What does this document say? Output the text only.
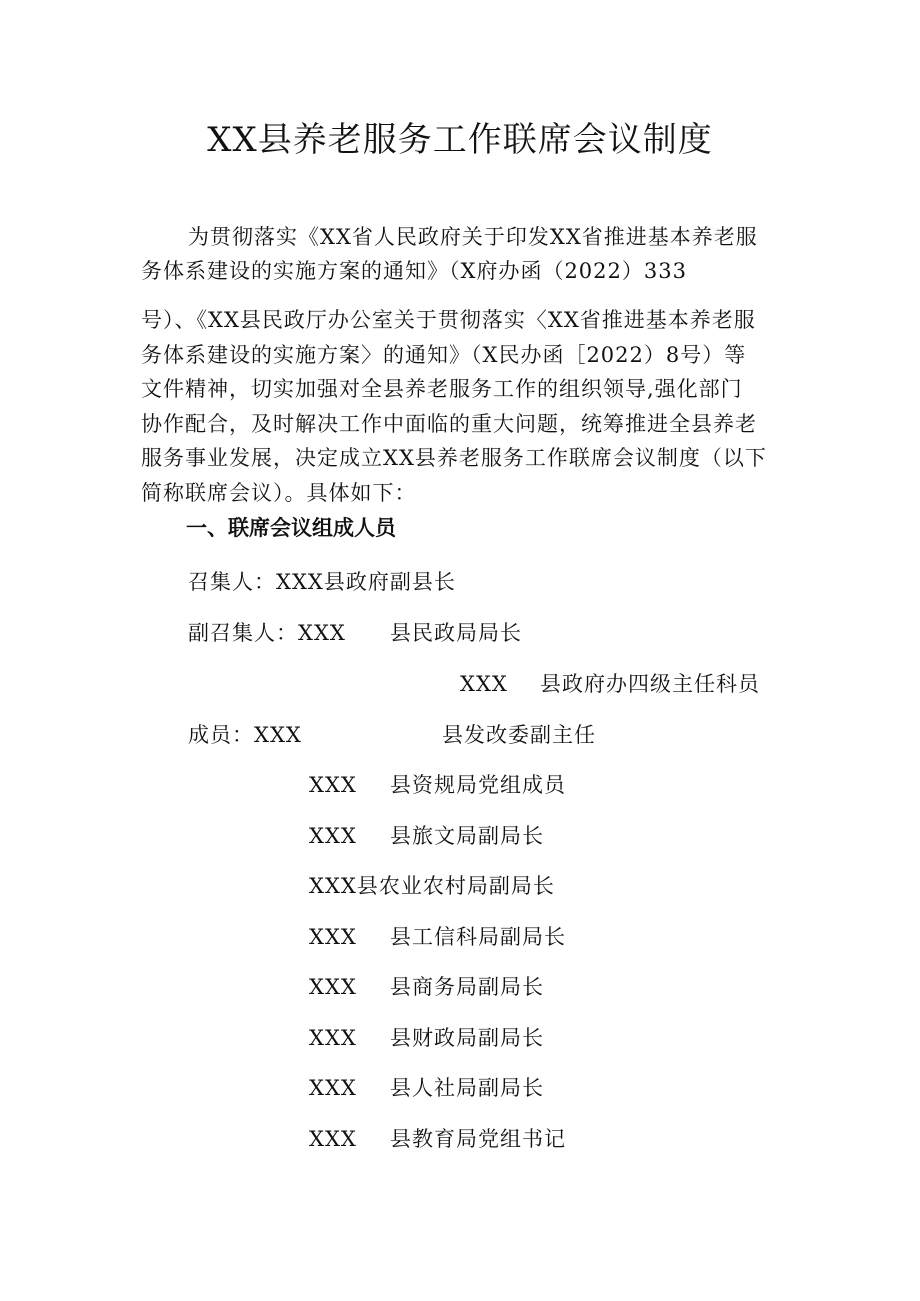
XX县养老服务工作联席会议制度
为贯彻落实《XX省人民政府关于印发XX省推进基本养老服
务体系建设的实施方案的通知》（X府办函（2022）333
号）、《XX县民政厅办公室关于贯彻落实〈XX省推进基本养老服
务体系建设的实施方案〉的通知》（X民办函［2022）8号）等
文件精神，切实加强对全县养老服务工作的组织领导,强化部门
协作配合，及时解决工作中面临的重大问题，统筹推进全县养老
服务事业发展，决定成立XX县养老服务工作联席会议制度（以下
简称联席会议）。具体如下：
一、联席会议组成人员
召集人：XXX县政府副县长
副召集人：XXX 县民政局局长
XXX 县政府办四级主任科员
成员：XXX	县发改委副主任
XXX 县资规局党组成员
XXX 县旅文局副局长
XXX县农业农村局副局长
XXX 县工信科局副局长
XXX 县商务局副局长
XXX 县财政局副局长
XXX 县人社局副局长
XXX 县教育局党组书记
